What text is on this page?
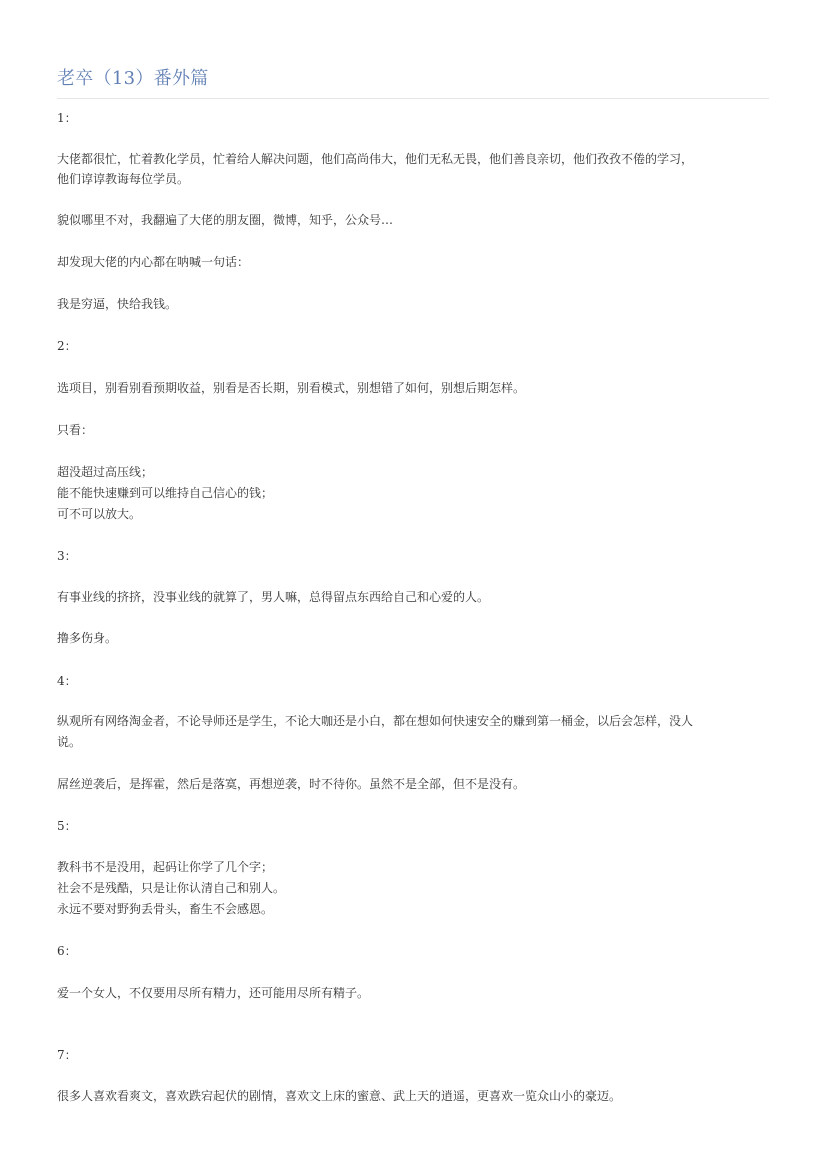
老卒（13）番外篇
1：
大佬都很忙，忙着教化学员，忙着给人解决问题，他们高尚伟大，他们无私无畏，他们善良亲切，他们孜孜不倦的学习，
他们谆谆教诲每位学员。
貌似哪里不对，我翻遍了大佬的朋友圈，微博，知乎，公众号…
却发现大佬的内心都在呐喊一句话：
我是穷逼，快给我钱。
2：
选项目，别看别看预期收益，别看是否长期，别看模式，别想错了如何，别想后期怎样。
只看：
超没超过高压线；
能不能快速赚到可以维持自己信心的钱；
可不可以放大。
3：
有事业线的挤挤，没事业线的就算了，男人嘛，总得留点东西给自己和心爱的人。
撸多伤身。
4：
纵观所有网络淘金者，不论导师还是学生，不论大咖还是小白，都在想如何快速安全的赚到第一桶金，以后会怎样，没人
说。
屌丝逆袭后，是挥霍，然后是落寞，再想逆袭，时不待你。虽然不是全部，但不是没有。
5：
教科书不是没用，起码让你学了几个字；
社会不是残酷，只是让你认清自己和别人。
永远不要对野狗丢骨头，畜生不会感恩。
6：
爱一个女人，不仅要用尽所有精力，还可能用尽所有精子。
7：
很多人喜欢看爽文，喜欢跌宕起伏的剧情，喜欢文上床的蜜意、武上天的逍遥，更喜欢一览众山小的豪迈。
